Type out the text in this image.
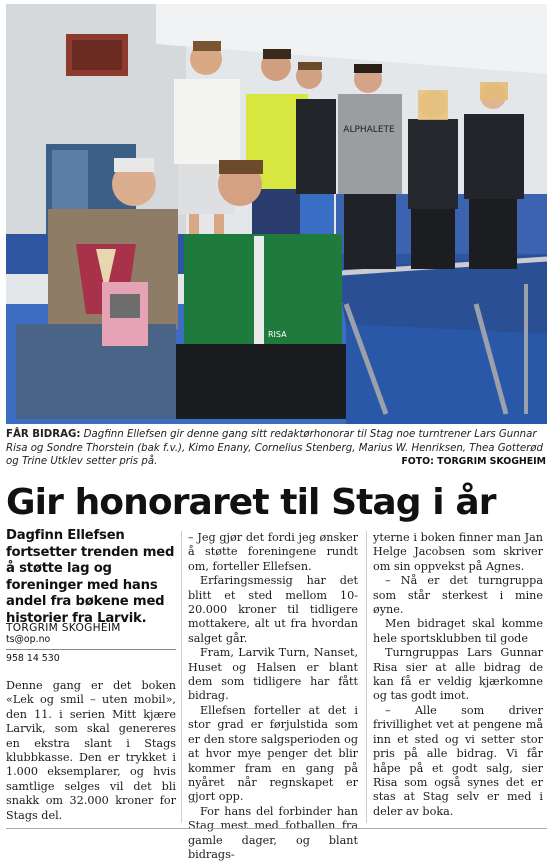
ALPHALETE
RISA
FÅR BIDRAG: Dagfinn Ellefsen gir denne gang sitt redaktørhonorar til Stag noe turntrener Lars Gunnar Risa og Sondre Thorstein (bak f.v.), Kimo Enany, Cornelius Stenberg, Marius W. Henriksen, Thea Gotterød og Trine Utklev setter pris på.	FOTO: TORGRIM SKOGHEIM
Gir honoraret til Stag i år
Dagfinn Ellefsen fortsetter trenden med å støtte lag og foreninger med hans andel fra bøkene med historier fra Larvik.
TORGRIM SKOGHEIM
ts@op.no
958 14 530

Denne gang er det boken «Lek og smil – uten mobil», den 11. i serien Mitt kjære Larvik, som skal genereres en ekstra slant i Stags klubbkasse. Den er trykket i 1.000 eksemplarer, og hvis samtlige selges vil det bli snakk om 32.000 kroner for Stags del.

– Jeg gjør det fordi jeg ønsker å støtte foreningene rundt om, forteller Ellefsen.

Erfaringsmessig har det blitt et sted mellom 10-20.000 kroner til tidligere mottakere, alt ut fra hvordan salget går.

Fram, Larvik Turn, Nanset, Huset og Halsen er blant dem som tidligere har fått bidrag.

Ellefsen forteller at det i stor grad er førjulstida som er den store salgsperioden og at hvor mye penger det blir kommer fram en gang på nyåret når regnskapet er gjort opp.

For hans del forbinder han Stag mest med fotballen fra gamle dager, og blant bidrags-

yterne i boken finner man Jan Helge Jacobsen som skriver om sin oppvekst på Agnes.

– Nå er det turngruppa som står sterkest i mine øyne.

Men bidraget skal komme hele sportsklubben til gode

Turngruppas Lars Gunnar Risa sier at alle bidrag de kan få er veldig kjærkomne og tas godt imot.

– Alle som driver frivillighet vet at pengene må inn et sted og vi setter stor pris på alle bidrag. Vi får håpe på et godt salg, sier Risa som også synes det er stas at Stag selv er med i deler av boka.
